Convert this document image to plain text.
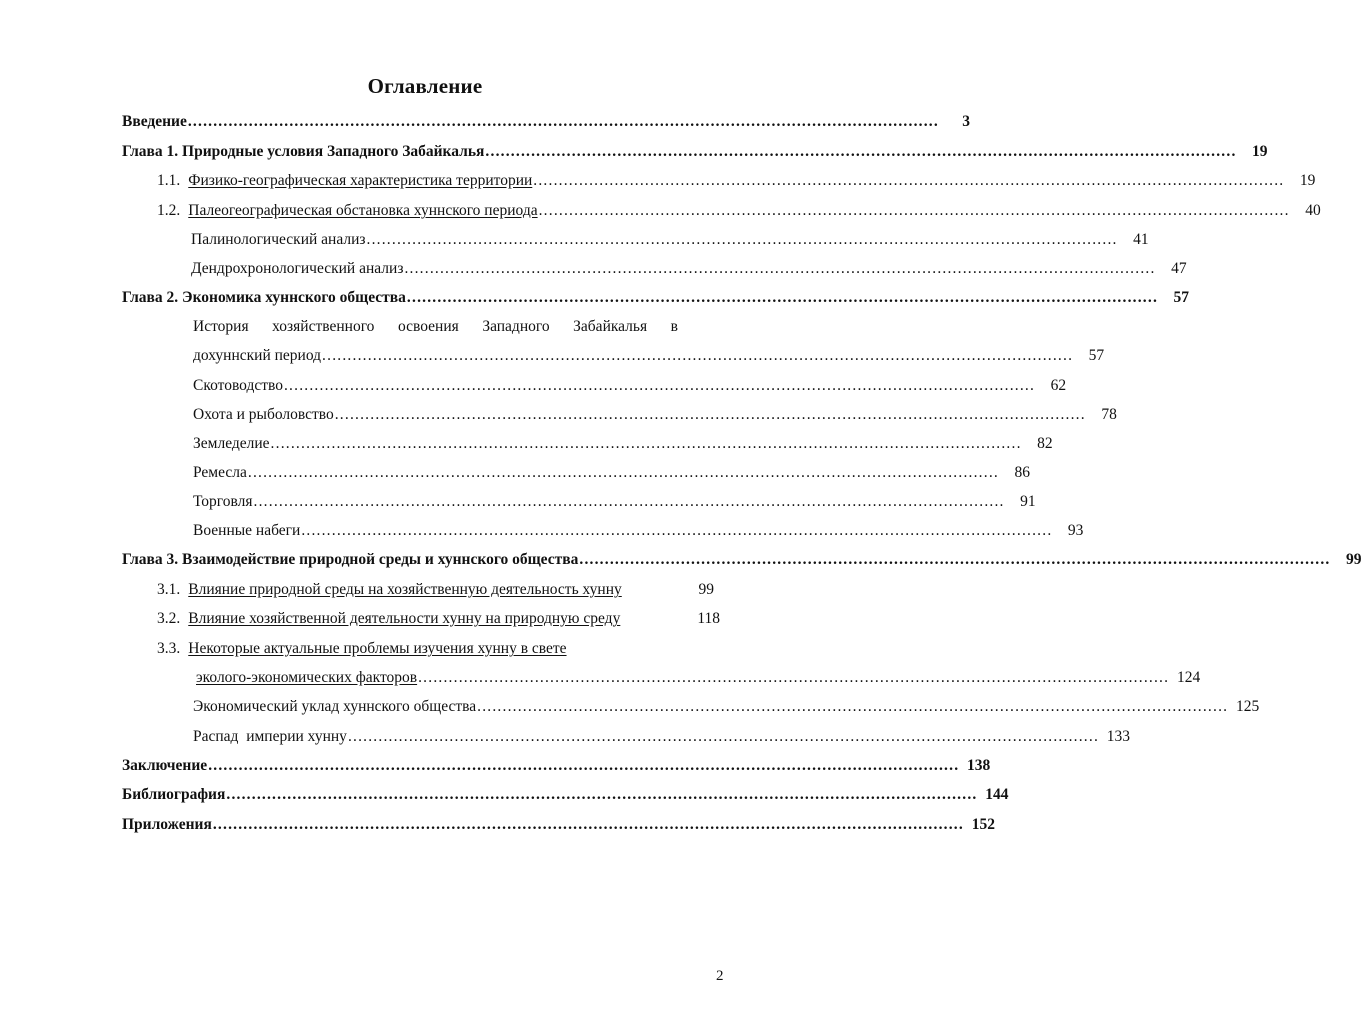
Оглавление
Введение ....................................................................................................................................................	3
Глава 1. Природные условия Западного Забайкалья ....................................................................................................................................................	19
1.1. Физико-географическая характеристика территории ....................................................................................................................................................	19
1.2. Палеогеографическая обстановка хуннского периода ....................................................................................................................................................	40
Палинологический анализ ....................................................................................................................................................	41
Дендрохронологический анализ ....................................................................................................................................................	47
Глава 2. Экономика хуннского общества ....................................................................................................................................................	57
История хозяйственного освоения Западного Забайкалья в
дохуннский период ....................................................................................................................................................	57
Скотоводство ....................................................................................................................................................	62
Охота и рыболовство ....................................................................................................................................................	78
Земледелие ....................................................................................................................................................	82
Ремесла ....................................................................................................................................................	86
Торговля ....................................................................................................................................................	91
Военные набеги ....................................................................................................................................................	93
Глава 3. Взаимодействие природной среды и хуннского общества ....................................................................................................................................................	99
3.1. Влияние природной среды на хозяйственную деятельность хунну	99
3.2. Влияние хозяйственной деятельности хунну на природную среду	118
3.3. Некоторые актуальные проблемы изучения хунну в свете
эколого-экономических факторов .................................................................................................................................................... 124
Экономический уклад хуннского общества .................................................................................................................................................... 125
Распад  империи хунну .................................................................................................................................................... 133
Заключение .................................................................................................................................................... 138
Библиография .................................................................................................................................................... 144
Приложения .................................................................................................................................................... 152
2
